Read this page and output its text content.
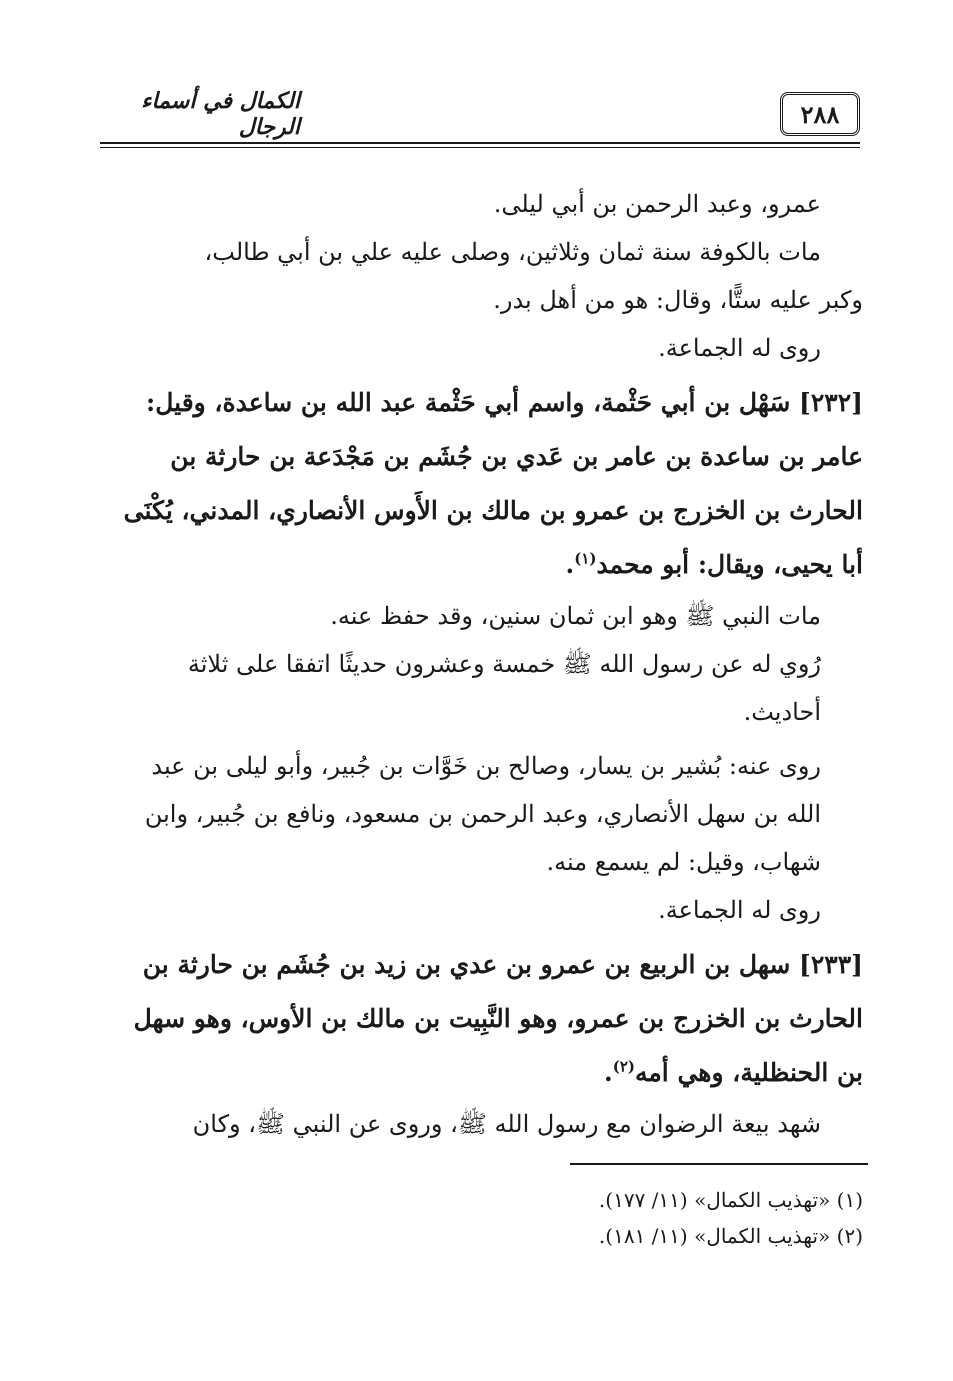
٢٨٨
الكمال في أسماء الرجال

عمرو، وعبد الرحمن بن أبي ليلى.

مات بالكوفة سنة ثمان وثلاثين، وصلى عليه علي بن أبي طالب،

وكبر عليه ستًّا، وقال: هو من أهل بدر.

روى له الجماعة.

[٢٣٢] سَهْل بن أبي حَثْمة، واسم أبي حَثْمة عبد الله بن ساعدة، وقيل: عامر بن ساعدة بن عامر بن عَدي بن جُشَم بن مَجْدَعة بن حارثة بن الحارث بن الخزرج بن عمرو بن مالك بن الأَوس الأنصاري، المدني، يُكْنَى أبا يحيى، ويقال: أبو محمد$^{(١)}$.

مات النبي ﷺ وهو ابن ثمان سنين، وقد حفظ عنه.

رُوي له عن رسول الله ﷺ خمسة وعشرون حديثًا اتفقا على ثلاثة أحاديث.

روى عنه: بُشير بن يسار، وصالح بن خَوَّات بن جُبير، وأبو ليلى بن عبد الله بن سهل الأنصاري، وعبد الرحمن بن مسعود، ونافع بن جُبير، وابن شهاب، وقيل: لم يسمع منه.

روى له الجماعة.

[٢٣٣] سهل بن الربيع بن عمرو بن عدي بن زيد بن جُشَم بن حارثة بن الحارث بن الخزرج بن عمرو، وهو النَّبِيت بن مالك بن الأوس، وهو سهل بن الحنظلية، وهي أمه$^{(٢)}$.

شهد بيعة الرضوان مع رسول الله ﷺ، وروى عن النبي ﷺ، وكان

(١) «تهذيب الكمال» (١١/ ١٧٧).

(٢) «تهذيب الكمال» (١١/ ١٨١).
